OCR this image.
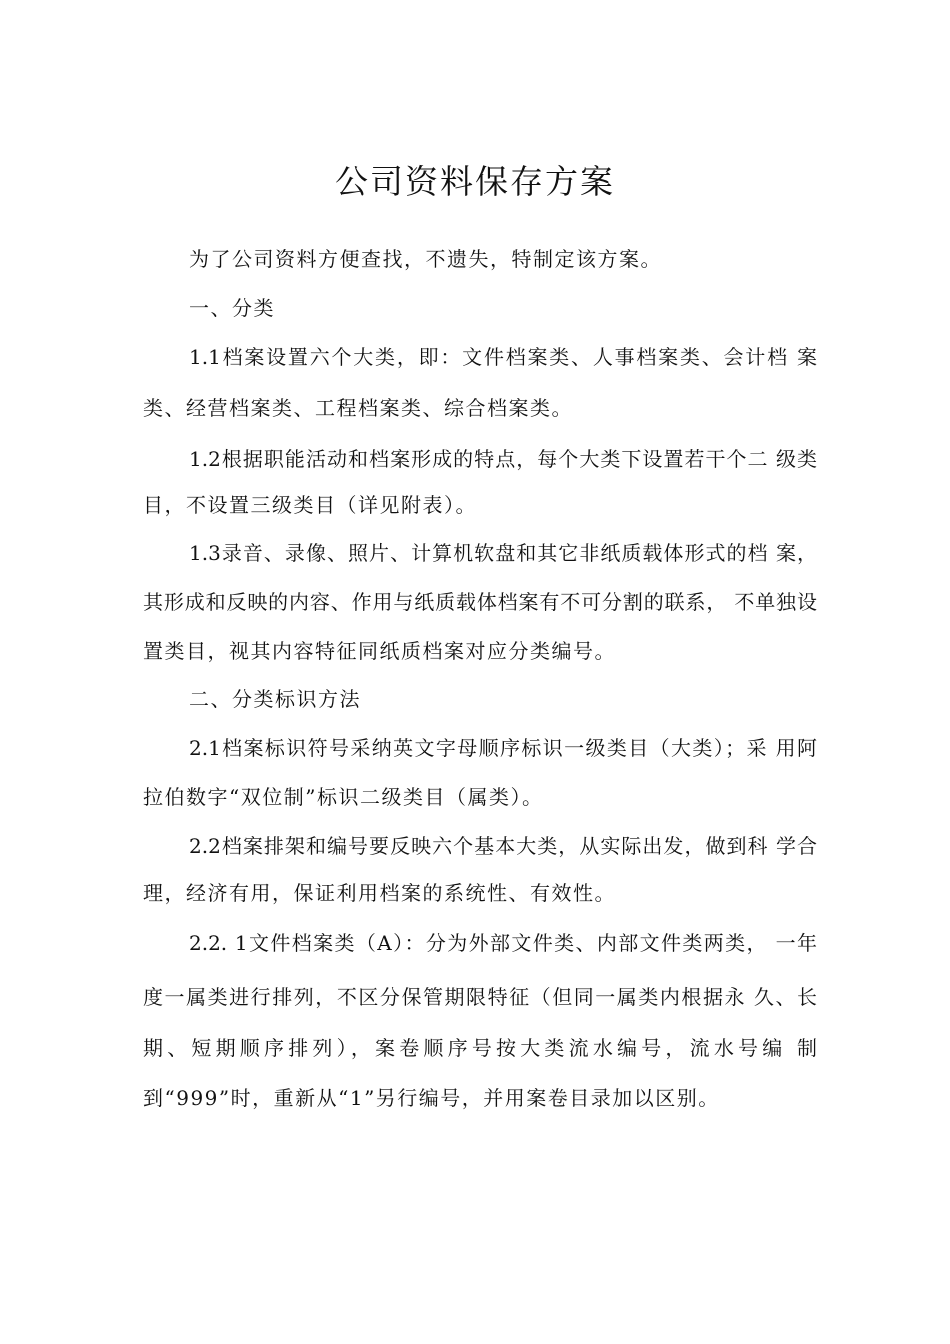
公司资料保存方案
为了公司资料方便查找，不遗失，特制定该方案。
一、分类
1.1档案设置六个大类，即：文件档案类、人事档案类、会计档 案
类、经营档案类、工程档案类、综合档案类。
1.2根据职能活动和档案形成的特点，每个大类下设置若干个二 级类
目，不设置三级类目（详见附表）。
1.3录音、录像、照片、计算机软盘和其它非纸质载体形式的档 案，
其形成和反映的内容、作用与纸质载体档案有不可分割的联系， 不单独设
置类目，视其内容特征同纸质档案对应分类编号。
二、分类标识方法
2.1档案标识符号采纳英文字母顺序标识一级类目（大类）；采 用阿
拉伯数字“双位制”标识二级类目（属类）。
2.2档案排架和编号要反映六个基本大类，从实际出发，做到科 学合
理，经济有用，保证利用档案的系统性、有效性。
2.2. 1文件档案类（A）：分为外部文件类、内部文件类两类， 一年
度一属类进行排列，不区分保管期限特征（但同一属类内根据永 久、长
期、短期顺序排列），案卷顺序号按大类流水编号，流水号编 制
到“999”时，重新从“1”另行编号，并用案卷目录加以区别。
